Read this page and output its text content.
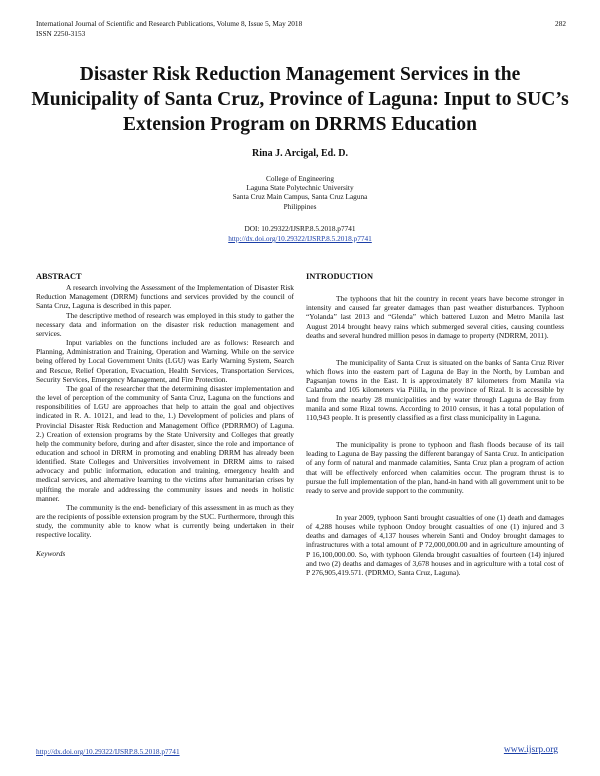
International Journal of Scientific and Research Publications, Volume 8, Issue 5, May 2018
ISSN 2250-3153
282
Disaster Risk Reduction Management Services in the Municipality of Santa Cruz, Province of Laguna: Input to SUC’s Extension Program on DRRMS Education
Rina J. Arcigal, Ed. D.
College of Engineering
Laguna State Polytechnic University
Santa Cruz Main Campus, Santa Cruz Laguna
Philippines
DOI: 10.29322/IJSRP.8.5.2018.p7741
http://dx.doi.org/10.29322/IJSRP.8.5.2018.p7741
ABSTRACT

A research involving the Assessment of the Implementation of Disaster Risk Reduction Management (DRRM) functions and services provided by the council of Santa Cruz, Laguna is described in this paper.

The descriptive method of research was employed in this study to gather the necessary data and information on the disaster risk reduction management and services.

Input variables on the functions included are as follows: Research and Planning, Administration and Training, Operation and Warning. While on the service being offered by Local Government Units (LGU) was Early Warning System, Search and Rescue, Relief Operation, Evacuation, Health Services, Transportation Services, Security Services, Emergency Management, and Fire Protection.

The goal of the researcher that the determining disaster implementation and the level of perception of the community of Santa Cruz, Laguna on the functions and responsibilities of LGU are approaches that help to attain the goal and objectives indicated in R. A. 10121, and lead to the, 1.) Development of policies and plans of Provincial Disaster Risk Reduction and Management Office (PDRRMO) of Laguna. 2.) Creation of extension programs by the State University and Colleges that greatly help the community before, during and after disaster, since the role and importance of education and school in DRRM in promoting and enabling DRRM has already been identified. State Colleges and Universities involvement in DRRM aims to raised advocacy and public information, education and training, emergency health and medical services, and alternative learning to the victims after humanitarian crises by uplifting the morale and addressing the community issues and needs in holistic manner.

The community is the end- beneficiary of this assessment in as much as they are the recipients of possible extension program by the SUC. Furthermore, through this study, the community able to know what is currently being undertaken in their respective locality.

Keywords
INTRODUCTION

The typhoons that hit the country in recent years have become stronger in intensity and caused far greater damages than past weather disturbances. Typhoon “Yolanda” last 2013 and “Glenda” which battered Luzon and Metro Manila last August 2014 brought heavy rains which submerged several cities, causing countless deaths and several hundred million pesos in damage to property (NDRRM, 2011).

The municipality of Santa Cruz is situated on the banks of Santa Cruz River which flows into the eastern part of Laguna de Bay in the North, by Lumban and Pagsanjan towns in the East. It is approximately 87 kilometers from Manila via Calamba and 105 kilometers via Pililla, in the province of Rizal. It is accessible by land from the nearby 28 municipalities and by water through Laguna de Bay from manila and some Rizal towns. According to 2010 census, it has a total population of 110,943 people. It is presently classified as a first class municipality in Laguna.

The municipality is prone to typhoon and flash floods because of its tail leading to Laguna de Bay passing the different barangay of Santa Cruz. In anticipation of any form of natural and manmade calamities, Santa Cruz plan a program of action that will be effectively enforced when calamities occur. The program thrust is to pursue the full implementation of the plan, hand-in hand with all government unit to be ready to serve and provide support to the community.

In year 2009, typhoon Santi brought casualties of one (1) death and damages of 4,288 houses while typhoon Ondoy brought casualties of one (1) injured and 3 deaths and damages of 4,137 houses wherein Santi and Ondoy brought damages to infrastructures with a total amount of P 72,000,000.00 and in agriculture amounting of P 16,100,000.00. So, with typhoon Glenda brought casualties of fourteen (14) injured and two (2) deaths and damages of 3,678 houses and in agriculture with a total cost of P 276,905,419.571. (PDRMO, Santa Cruz, Laguna).

http://dx.doi.org/10.29322/IJSRP.8.5.2018.p7741	www.ijsrp.org
